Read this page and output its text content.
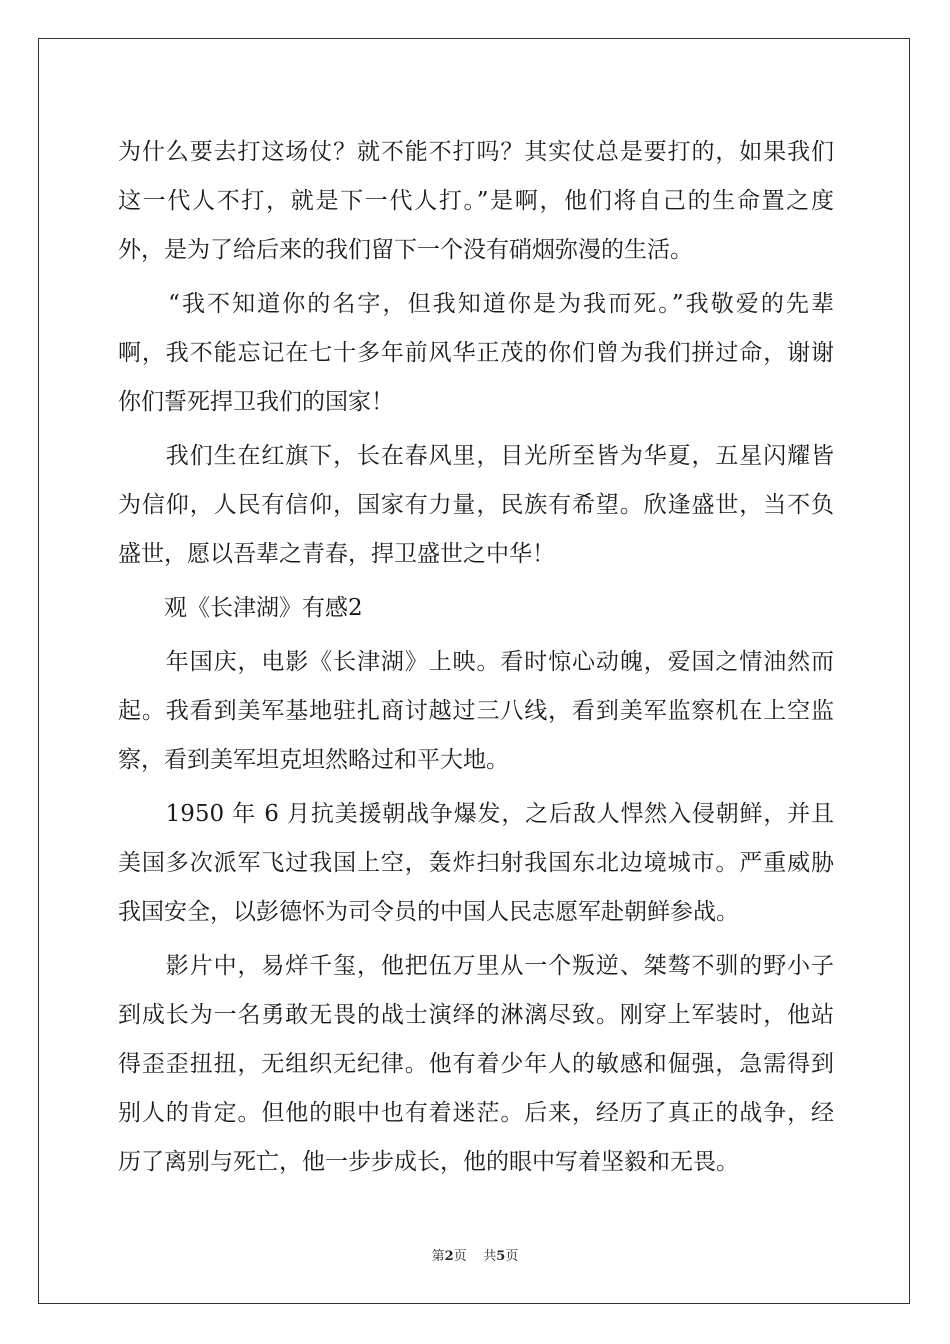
为什么要去打这场仗？就不能不打吗？其实仗总是要打的，如果我们
这一代人不打，就是下一代人打。”是啊，他们将自己的生命置之度
外，是为了给后来的我们留下一个没有硝烟弥漫的生活。
　　“我不知道你的名字，但我知道你是为我而死。”我敬爱的先辈
啊，我不能忘记在七十多年前风华正茂的你们曾为我们拼过命，谢谢
你们誓死捍卫我们的国家！
　　我们生在红旗下，长在春风里，目光所至皆为华夏，五星闪耀皆
为信仰，人民有信仰，国家有力量，民族有希望。欣逢盛世，当不负
盛世，愿以吾辈之青春，捍卫盛世之中华！
　　观《长津湖》有感2
　　年国庆，电影《长津湖》上映。看时惊心动魄，爱国之情油然而
起。我看到美军基地驻扎商讨越过三八线，看到美军监察机在上空监
察，看到美军坦克坦然略过和平大地。
　　1950 年 6 月抗美援朝战争爆发，之后敌人悍然入侵朝鲜，并且
美国多次派军飞过我国上空，轰炸扫射我国东北边境城市。严重威胁
我国安全，以彭德怀为司令员的中国人民志愿军赴朝鲜参战。
　　影片中，易烊千玺，他把伍万里从一个叛逆、桀骜不驯的野小子
到成长为一名勇敢无畏的战士演绎的淋漓尽致。刚穿上军装时，他站
得歪歪扭扭，无组织无纪律。他有着少年人的敏感和倔强，急需得到
别人的肯定。但他的眼中也有着迷茫。后来，经历了真正的战争，经
历了离别与死亡，他一步步成长，他的眼中写着坚毅和无畏。
第2页 共5页
